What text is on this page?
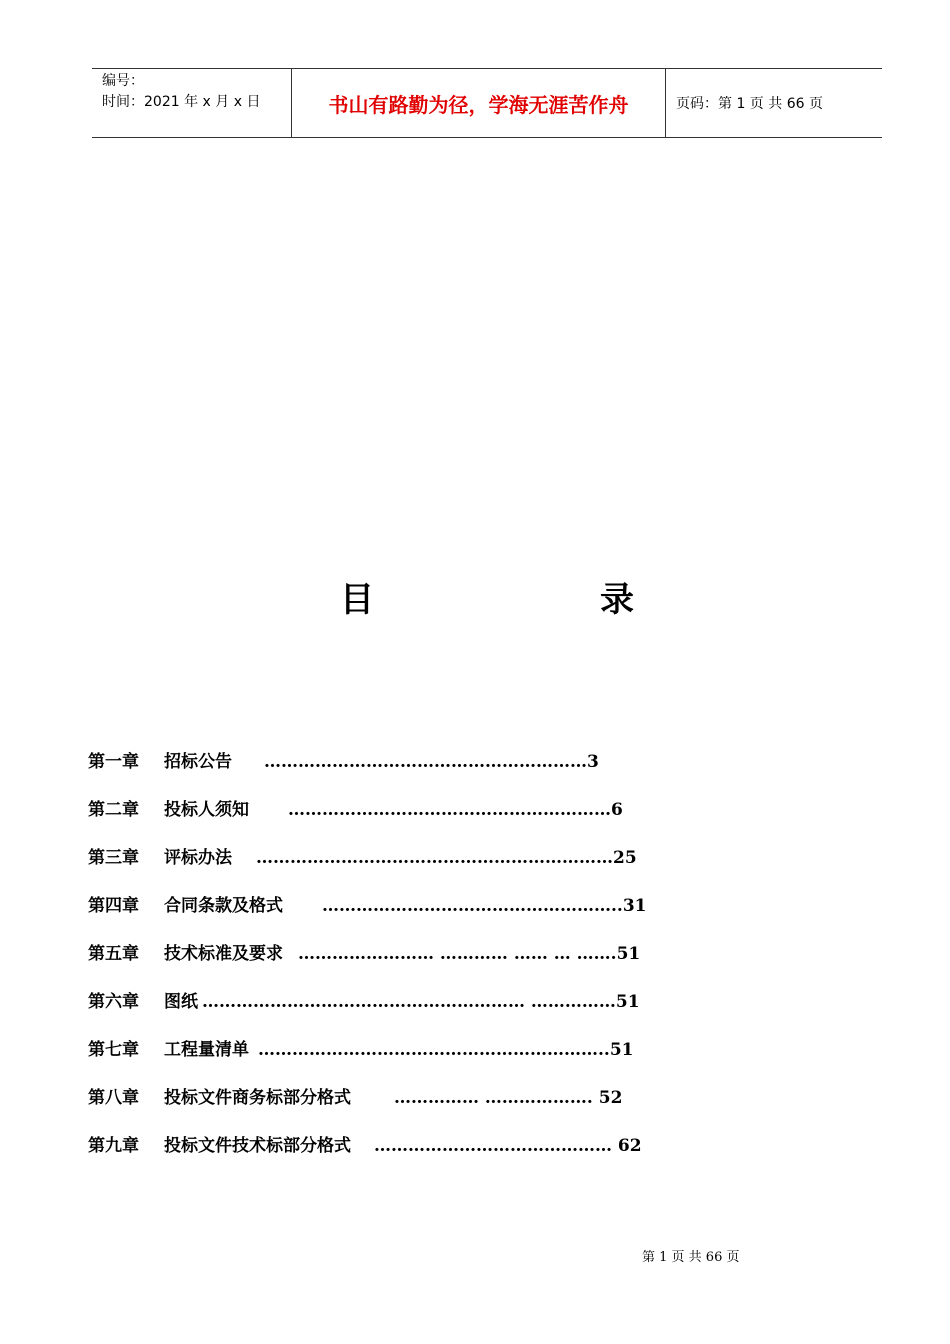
编号：
时间：2021 年 x 月 x 日	书山有路勤为径，学海无涯苦作舟	页码：第 1 页 共 66 页
目	录
第一章 招标公告 …………………………………………………3
第二章 投标人须知 …………………………………………………6
第三章 评标办法 ………………………………………………………25
第四章 合同条款及格式 ……………………………………………..31
第五章 技术标准及要求 …………………… ………… …… … …….51
第六章 图纸 ………………………………………………… ……………51
第七章 工程量清单 ……………………………………………………..51
第八章 投标文件商务标部分格式	…………… ………………. 52
第九章 投标文件技术标部分格式 …………………………………… 62
第 1 页 共 66 页
